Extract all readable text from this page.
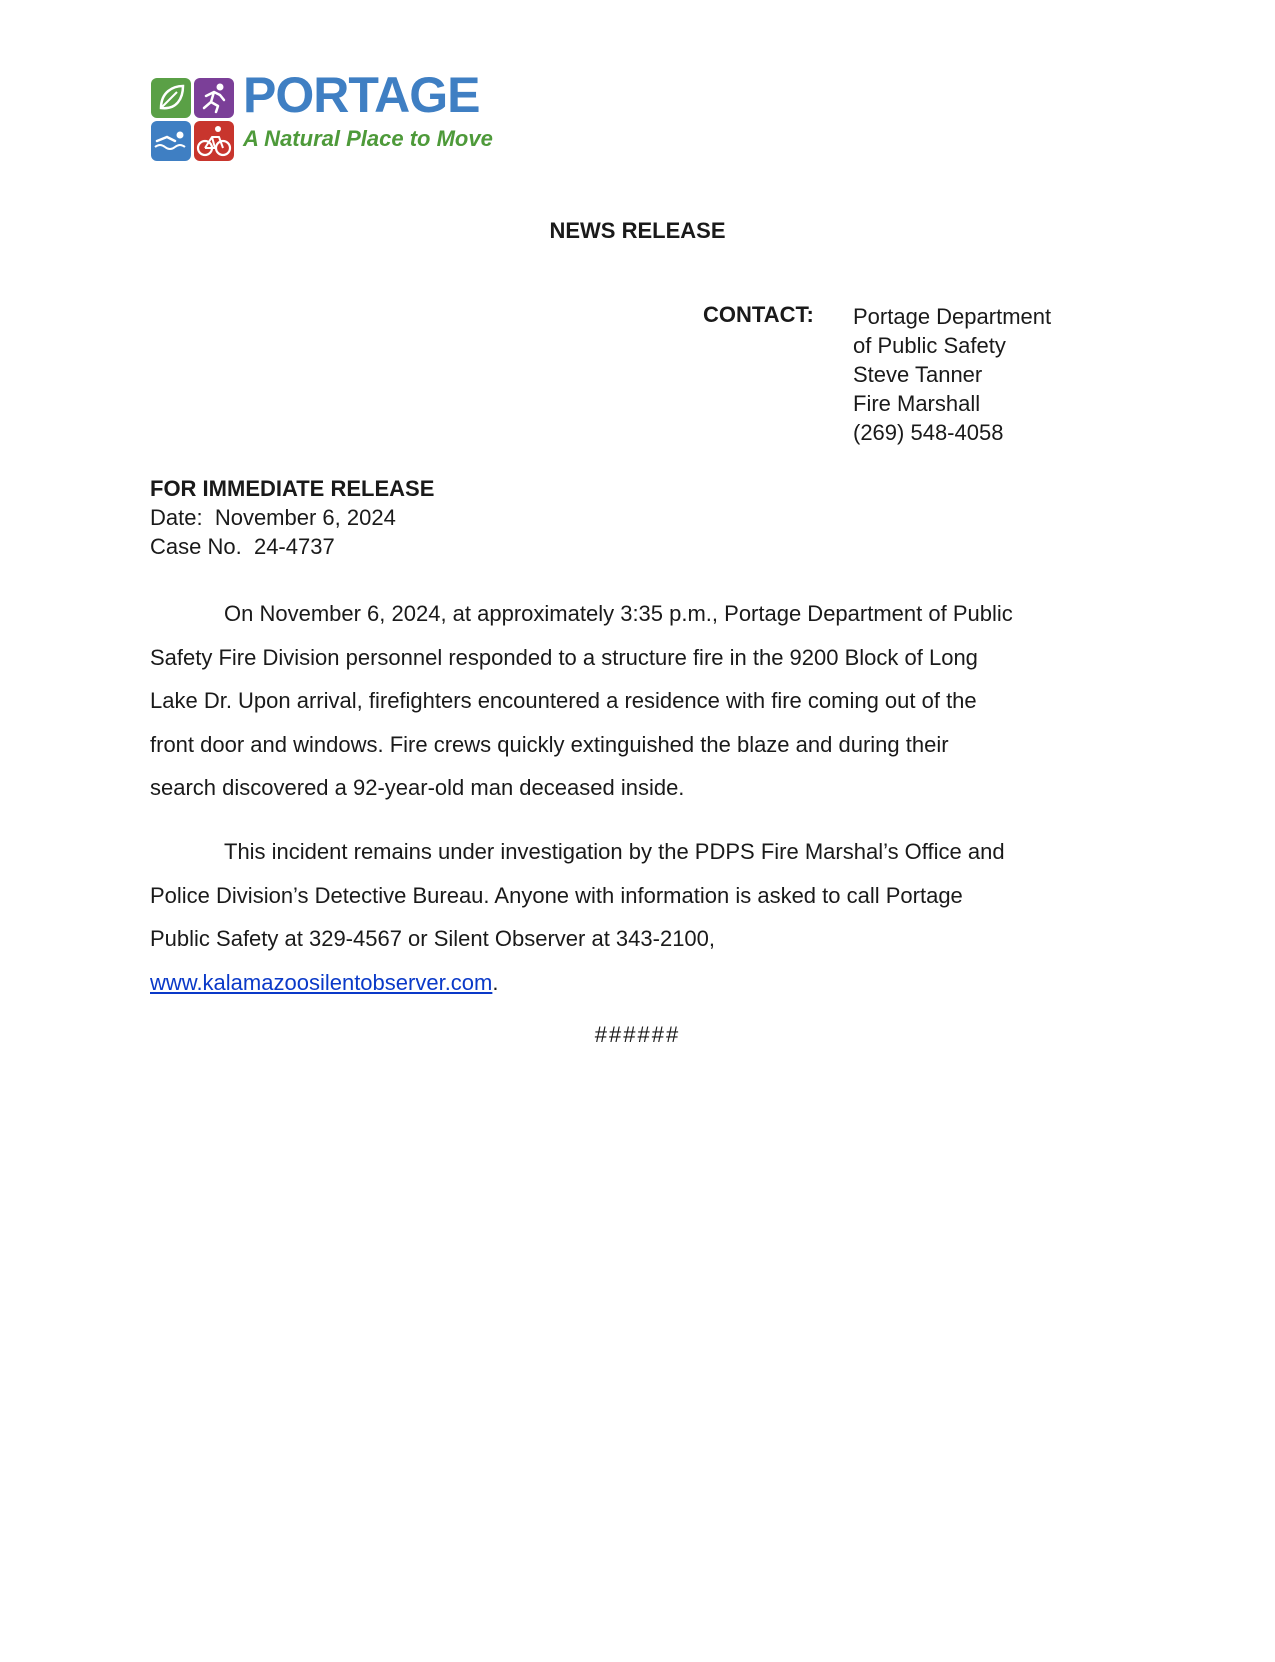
PORTAGE
A Natural Place to Move
NEWS RELEASE
CONTACT: Portage Department
of Public Safety
Steve Tanner
Fire Marshall
(269) 548-4058
FOR IMMEDIATE RELEASE
Date: November 6, 2024
Case No. 24-4737
On November 6, 2024, at approximately 3:35 p.m., Portage Department of Public
Safety Fire Division personnel responded to a structure fire in the 9200 Block of Long
Lake Dr. Upon arrival, firefighters encountered a residence with fire coming out of the
front door and windows. Fire crews quickly extinguished the blaze and during their
search discovered a 92-year-old man deceased inside.
This incident remains under investigation by the PDPS Fire Marshal’s Office and
Police Division’s Detective Bureau. Anyone with information is asked to call Portage
Public Safety at 329-4567 or Silent Observer at 343-2100,
www.kalamazoosilentobserver.com.
######
